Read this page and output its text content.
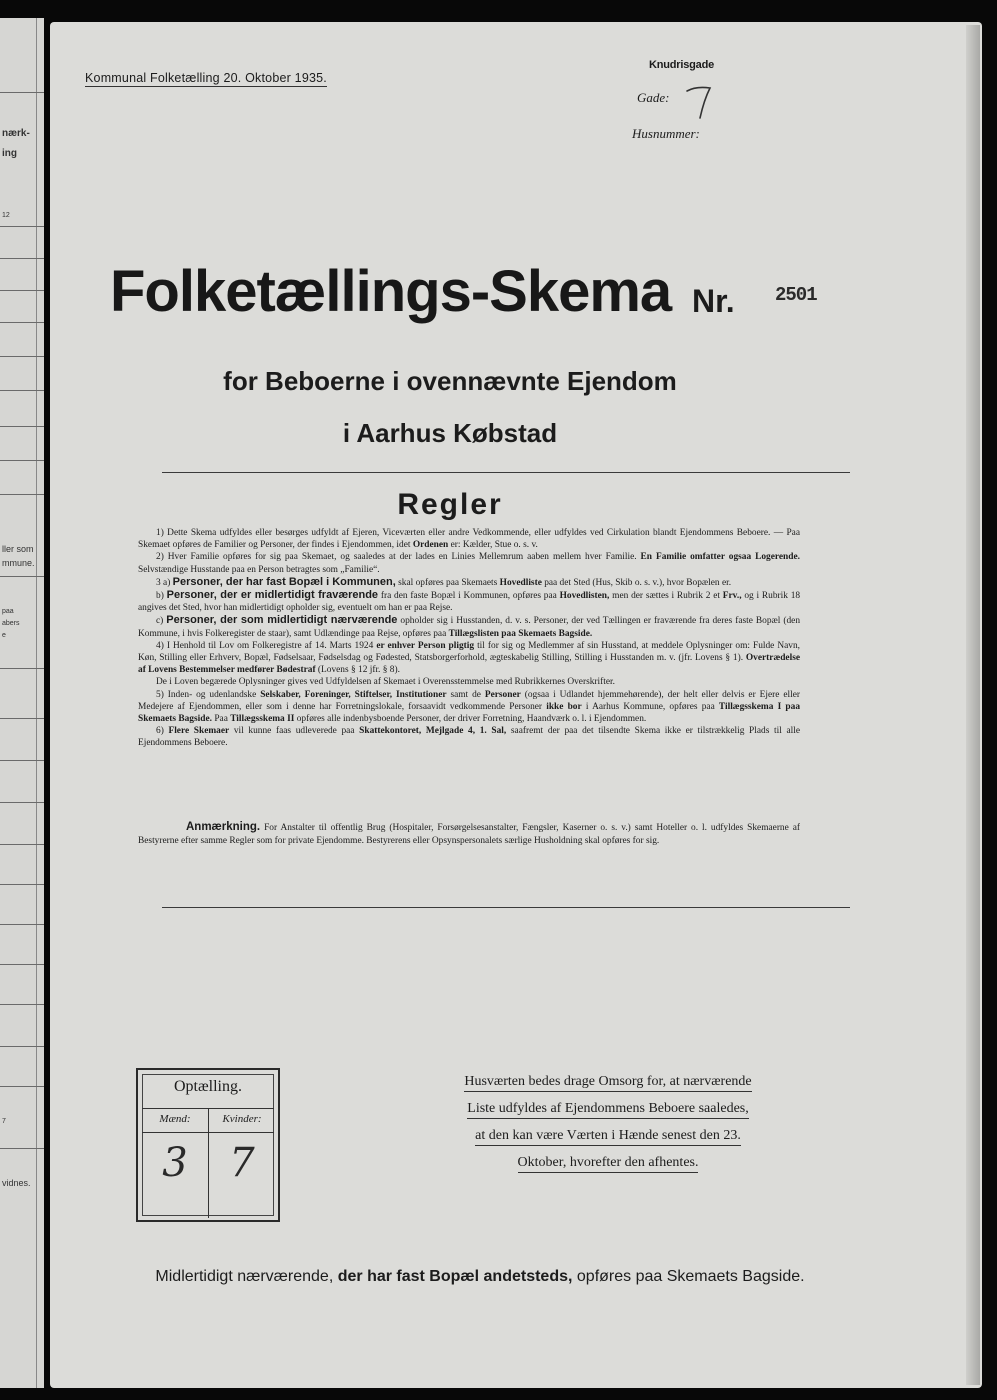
nærk-
ing
12
ller som
mmune.
paa
abers
e
7
vidnes.
Kommunal Folketælling 20. Oktober 1935.
Gade:
Knudrisgade
Husnummer:
Folketællings-Skema Nr. 2501
for Beboerne i ovennævnte Ejendom
i Aarhus Købstad
Regler

1) Dette Skema udfyldes eller besørges udfyldt af Ejeren, Viceværten eller andre Vedkommende, eller udfyldes ved Cirkulation blandt Ejendommens Beboere. — Paa Skemaet opføres de Familier og Personer, der findes i Ejendommen, idet Ordenen er: Kælder, Stue o. s. v.

2) Hver Familie opføres for sig paa Skemaet, og saaledes at der lades en Linies Mellemrum aaben mellem hver Familie. En Familie omfatter ogsaa Logerende. Selvstændige Husstande paa en Person betragtes som „Familie“.

3 a) Personer, der har fast Bopæl i Kommunen, skal opføres paa Skemaets Hovedliste paa det Sted (Hus, Skib o. s. v.), hvor Bopælen er.

b) Personer, der er midlertidigt fraværende fra den faste Bopæl i Kommunen, opføres paa Hovedlisten, men der sættes i Rubrik 2 et Frv., og i Rubrik 18 angives det Sted, hvor han midlertidigt opholder sig, eventuelt om han er paa Rejse.

c) Personer, der som midlertidigt nærværende opholder sig i Husstanden, d. v. s. Personer, der ved Tællingen er fraværende fra deres faste Bopæl (den Kommune, i hvis Folkeregister de staar), samt Udlændinge paa Rejse, opføres paa Tillægslisten paa Skemaets Bagside.

4) I Henhold til Lov om Folkeregistre af 14. Marts 1924 er enhver Person pligtig til for sig og Medlemmer af sin Husstand, at meddele Oplysninger om: Fulde Navn, Køn, Stilling eller Erhverv, Bopæl, Fødselsaar, Fødselsdag og Fødested, Statsborgerforhold, ægteskabelig Stilling, Stilling i Husstanden m. v. (jfr. Lovens § 1). Overtrædelse af Lovens Bestemmelser medfører Bødestraf (Lovens § 12 jfr. § 8).

De i Loven begærede Oplysninger gives ved Udfyldelsen af Skemaet i Overensstemmelse med Rubrikkernes Overskrifter.

5) Inden- og udenlandske Selskaber, Foreninger, Stiftelser, Institutioner samt de Personer (ogsaa i Udlandet hjemmehørende), der helt eller delvis er Ejere eller Medejere af Ejendommen, eller som i denne har Forretningslokale, forsaavidt vedkommende Personer ikke bor i Aarhus Kommune, opføres paa Tillægsskema I paa Skemaets Bagside. Paa Tillægsskema II opføres alle indenbysboende Personer, der driver Forretning, Haandværk o. l. i Ejendommen.

6) Flere Skemaer vil kunne faas udleverede paa Skattekontoret, Mejlgade 4, 1. Sal, saafremt der paa det tilsendte Skema ikke er tilstrækkelig Plads til alle Ejendommens Beboere.

Anmærkning. For Anstalter til offentlig Brug (Hospitaler, Forsørgelsesanstalter, Fængsler, Kaserner o. s. v.) samt Hoteller o. l. udfyldes Skemaerne af Bestyrerne efter samme Regler som for private Ejendomme. Bestyrerens eller Opsynspersonalets særlige Husholdning skal opføres for sig.

Optælling.
Mænd:	Kvinder:
3	7
Husværten bedes drage Omsorg for, at nærværende
Liste udfyldes af Ejendommens Beboere saaledes,
at den kan være Værten i Hænde senest den 23.
Oktober, hvorefter den afhentes.
Midlertidigt nærværende, der har fast Bopæl andetsteds, opføres paa Skemaets Bagside.
